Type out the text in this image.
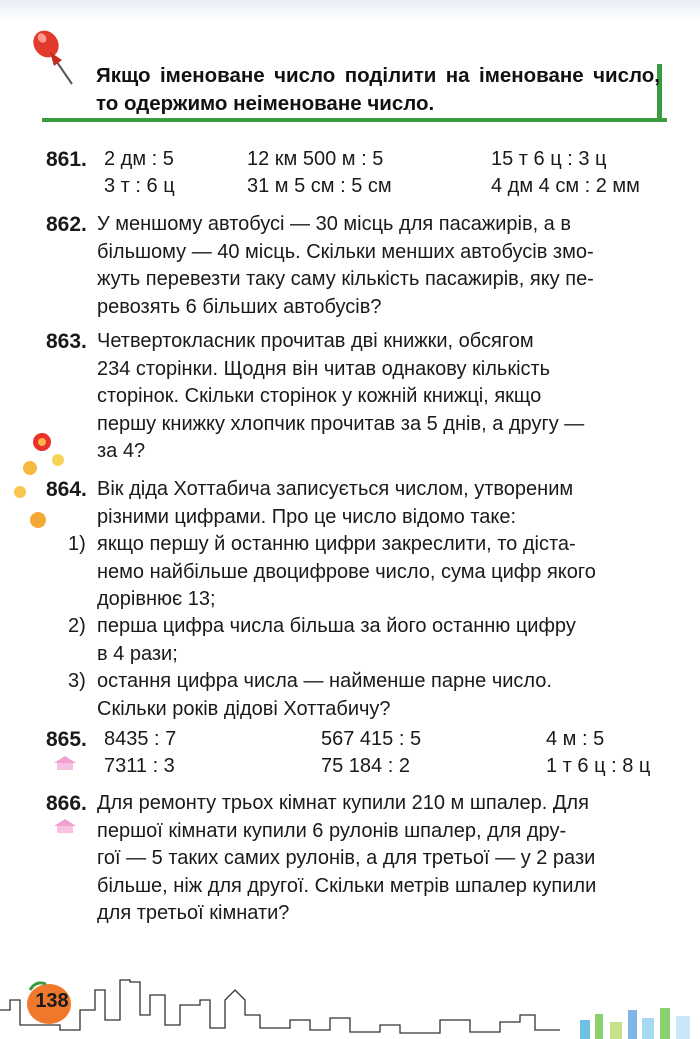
Якщо іменоване число поділити на іменоване число, то одержимо неіменоване число.
861. 2 дм : 5	12 км 500 м : 5	15 т 6 ц : 3 ц
3 т : 6 ц	31 м 5 см : 5 см	4 дм 4 см : 2 мм
862. У меншому автобусі — 30 місць для пасажирів, а в
більшому — 40 місць. Скільки менших автобусів змо-
жуть перевезти таку саму кількість пасажирів, яку пе-
ревозять 6 більших автобусів?
863. Четвертокласник прочитав дві книжки, обсягом
234 сторінки. Щодня він читав однакову кількість
сторінок. Скільки сторінок у кожній книжці, якщо
першу книжку хлопчик прочитав за 5 днів, а другу —
за 4?
864. Вік діда Хоттабича записується числом, утвореним
різними цифрами. Про це число відомо таке:
1) якщо першу й останню цифри закреслити, то діста-
немо найбільше двоцифрове число, сума цифр якого
дорівнює 13;
2) перша цифра числа більша за його останню цифру
в 4 рази;
3) остання цифра числа — найменше парне число.
Скільки років дідові Хоттабичу?
865. 8435 : 7	567 415 : 5	4 м : 5
7311 : 3	75 184 : 2	1 т 6 ц : 8 ц
866. Для ремонту трьох кімнат купили 210 м шпалер. Для
першої кімнати купили 6 рулонів шпалер, для дру-
гої — 5 таких самих рулонів, а для третьої — у 2 рази
більше, ніж для другої. Скільки метрів шпалер купили
для третьої кімнати?
138
